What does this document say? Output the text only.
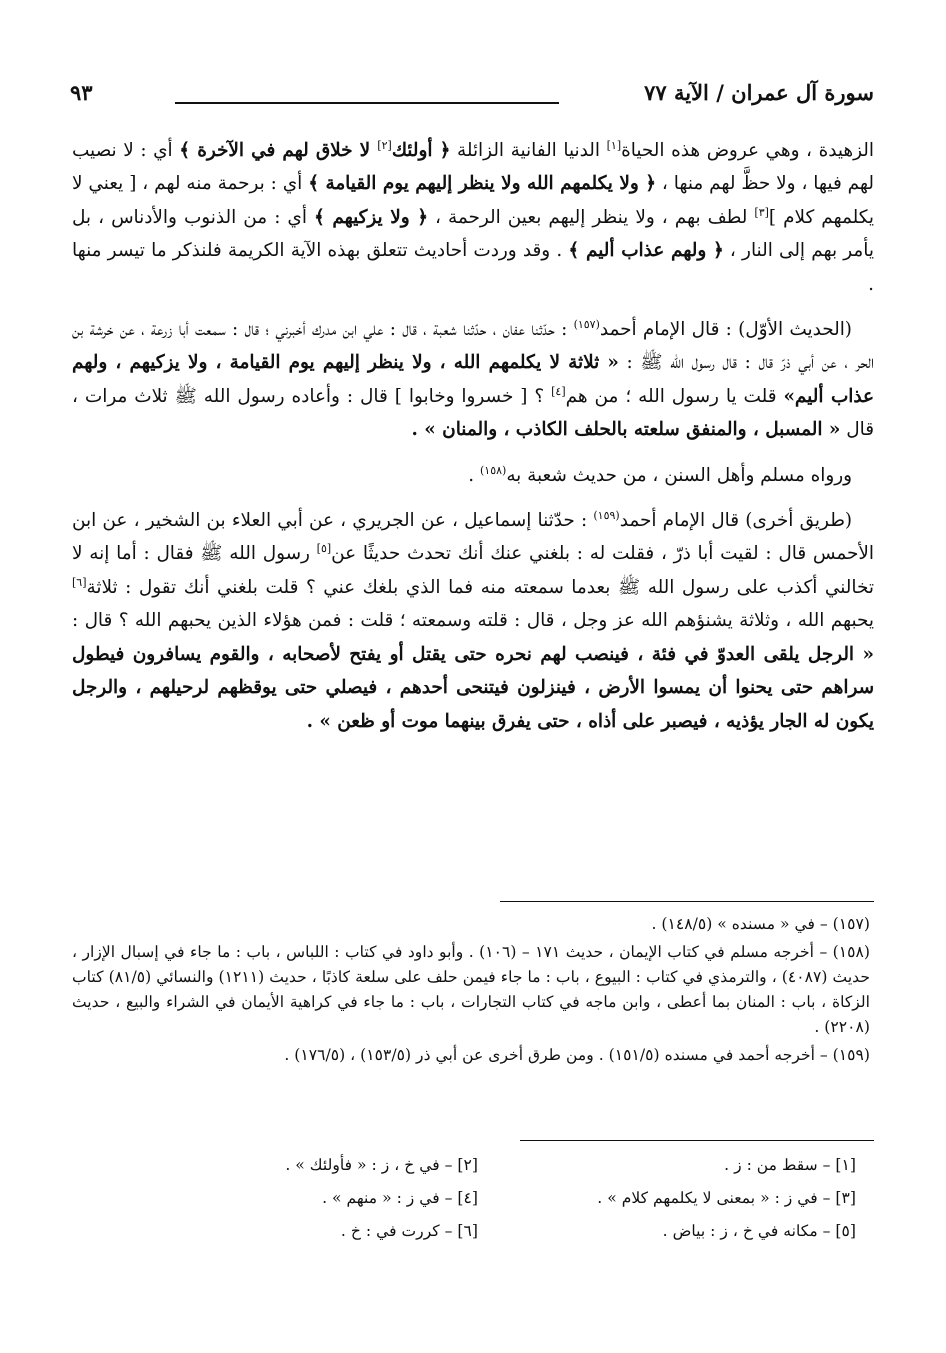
سورة آل عمران / الآية ٧٧
٩٣

الزهيدة ، وهي عروض هذه الحياة[١] الدنيا الفانية الزائلة ﴿ أولئك[٢] لا خلاق لهم في الآخرة ﴾ أي : لا نصيب لهم فيها ، ولا حظَّ لهم منها ، ﴿ ولا يكلمهم الله ولا ينظر إليهم يوم القيامة ﴾ أي : برحمة منه لهم ، [ يعني لا يكلمهم كلام ][٣] لطف بهم ، ولا ينظر إليهم بعين الرحمة ، ﴿ ولا يزكيهم ﴾ أي : من الذنوب والأدناس ، بل يأمر بهم إلى النار ، ﴿ ولهم عذاب أليم ﴾ . وقد وردت أحاديث تتعلق بهذه الآية الكريمة فلنذكر ما تيسر منها .

(الحديث الأوّل) : قال الإمام أحمد$^{(١٥٧)}$ : حدّثنا عفان ، حدّثنا شعبة ، قال : علي ابن مدرك أخبرني ؛ قال : سمعت أبا زرعة ، عن خرشة بن الحر ، عن أبي ذرّ قال : قال رسول الله ﷺ : « ثلاثة لا يكلمهم الله ، ولا ينظر إليهم يوم القيامة ، ولا يزكيهم ، ولهم عذاب أليم» قلت يا رسول الله ؛ من هم[٤] ؟ [ خسروا وخابوا ] قال : وأعاده رسول الله ﷺ ثلاث مرات ، قال « المسبل ، والمنفق سلعته بالحلف الكاذب ، والمنان » .

ورواه مسلم وأهل السنن ، من حديث شعبة به$^{(١٥٨)}$ .

(طريق أخرى) قال الإمام أحمد$^{(١٥٩)}$ : حدّثنا إسماعيل ، عن الجريري ، عن أبي العلاء بن الشخير ، عن ابن الأحمس قال : لقيت أبا ذرّ ، فقلت له : بلغني عنك أنك تحدث حديثًا عن[٥] رسول الله ﷺ فقال : أما إنه لا تخالني أكذب على رسول الله ﷺ بعدما سمعته منه فما الذي بلغك عني ؟ قلت بلغني أنك تقول : ثلاثة[٦] يحبهم الله ، وثلاثة يشنؤهم الله عز وجل ، قال : قلته وسمعته ؛ قلت : فمن هؤلاء الذين يحبهم الله ؟ قال : « الرجل يلقى العدوّ في فئة ، فينصب لهم نحره حتى يقتل أو يفتح لأصحابه ، والقوم يسافرون فيطول سراهم حتى يحنوا أن يمسوا الأرض ، فينزلون فيتنحى أحدهم ، فيصلي حتى يوقظهم لرحيلهم ، والرجل يكون له الجار يؤذيه ، فيصبر على أذاه ، حتى يفرق بينهما موت أو ظعن » .

(١٥٧) – في « مسنده » (١٤٨/٥) .

(١٥٨) – أخرجه مسلم في كتاب الإيمان ، حديث ١٧١ – (١٠٦) . وأبو داود في كتاب : اللباس ، باب : ما جاء في إسبال الإزار ، حديث (٤٠٨٧) ، والترمذي في كتاب : البيوع ، باب : ما جاء فيمن حلف على سلعة كاذبًا ، حديث (١٢١١) والنسائي (٨١/٥) كتاب الزكاة ، باب : المنان بما أعطى ، وابن ماجه في كتاب التجارات ، باب : ما جاء في كراهية الأيمان في الشراء والبيع ، حديث (٢٢٠٨) .

(١٥٩) – أخرجه أحمد في مسنده (١٥١/٥) . ومن طرق أخرى عن أبي ذر (١٥٣/٥) ، (١٧٦/٥) .

[١] – سقط من : ز .
[٢] – في خ ، ز : « فأولئك » .
[٣] – في ز : « بمعنى لا يكلمهم كلام » .
[٤] – في ز : « منهم » .
[٥] – مكانه في خ ، ز : بياض .
[٦] – كررت في : خ .
